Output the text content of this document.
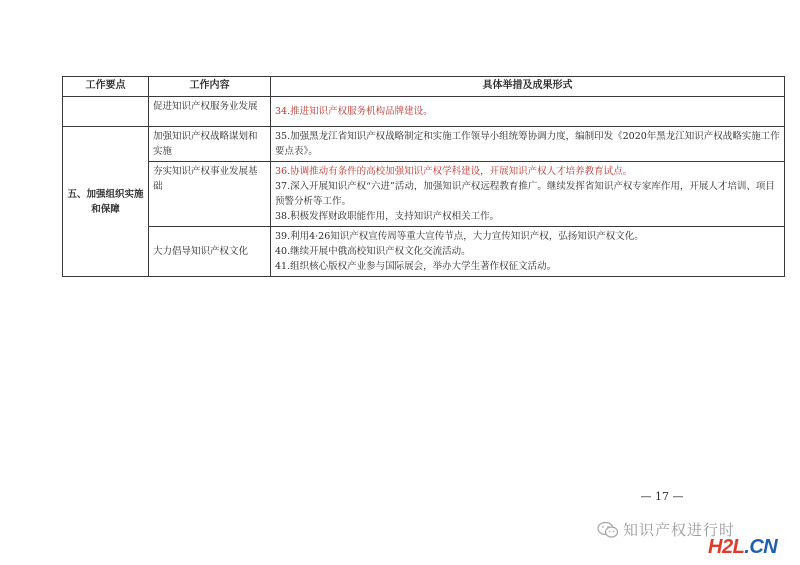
工作要点	工作内容	具体举措及成果形式
	促进知识产权服务业发展	34.推进知识产权服务机构品牌建设。

五、加强组织实施和保障	加强知识产权战略谋划和实施	35.加强黑龙江省知识产权战略制定和实施工作领导小组统筹协调力度，编制印发《2020年黑龙江知识产权战略实施工作要点表》。

	夯实知识产权事业发展基础	36.协调推动有条件的高校加强知识产权学科建设，开展知识产权人才培养教育试点。
37.深入开展知识产权“六进”活动，加强知识产权远程教育推广。继续发挥省知识产权专家库作用，开展人才培训、项目预警分析等工作。
38.积极发挥财政职能作用，支持知识产权相关工作。

	大力倡导知识产权文化	39.利用4·26知识产权宣传周等重大宣传节点，大力宣传知识产权，弘扬知识产权文化。
40.继续开展中俄高校知识产权文化交流活动。
41.组织核心版权产业参与国际展会，举办大学生著作权征文活动。
— 17 —
知识产权进行时
H2L.CN
